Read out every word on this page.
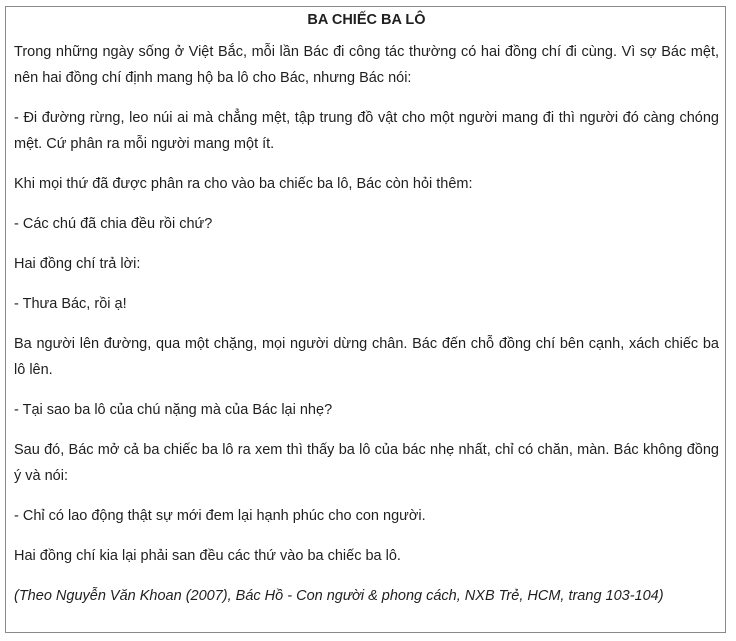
BA CHIẾC BA LÔ

Trong những ngày sống ở Việt Bắc, mỗi lần Bác đi công tác thường có hai đồng chí đi cùng. Vì sợ Bác mệt, nên hai đồng chí định mang hộ ba lô cho Bác, nhưng Bác nói:

- Đi đường rừng, leo núi ai mà chẳng mệt, tập trung đồ vật cho một người mang đi thì người đó càng chóng mệt. Cứ phân ra mỗi người mang một ít.

Khi mọi thứ đã được phân ra cho vào ba chiếc ba lô, Bác còn hỏi thêm:

- Các chú đã chia đều rồi chứ?

Hai đồng chí trả lời:

- Thưa Bác, rồi ạ!

Ba người lên đường, qua một chặng, mọi người dừng chân. Bác đến chỗ đồng chí bên cạnh, xách chiếc ba lô lên.

- Tại sao ba lô của chú nặng mà của Bác lại nhẹ?

Sau đó, Bác mở cả ba chiếc ba lô ra xem thì thấy ba lô của bác nhẹ nhất, chỉ có chăn, màn. Bác không đồng ý và nói:

- Chỉ có lao động thật sự mới đem lại hạnh phúc cho con người.

Hai đồng chí kia lại phải san đều các thứ vào ba chiếc ba lô.

(Theo Nguyễn Văn Khoan (2007), Bác Hồ - Con người & phong cách, NXB Trẻ, HCM, trang 103-104)
